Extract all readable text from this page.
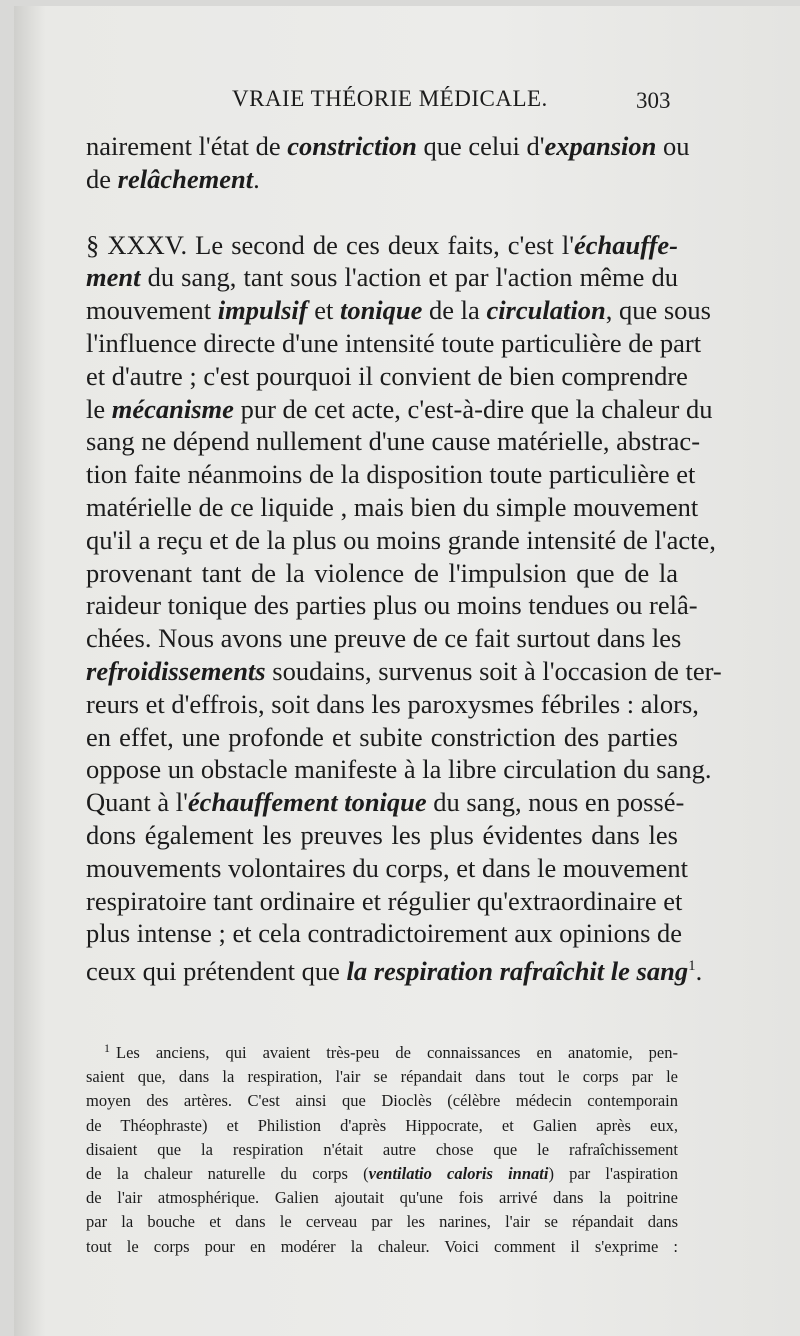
VRAIE THÉORIE MÉDICALE.	303

nairement l'état de constriction que celui d'expansion ou
de relâchement.

§ XXXV. Le second de ces deux faits, c'est l'échauffe-
ment du sang, tant sous l'action et par l'action même du
mouvement impulsif et tonique de la circulation, que sous
l'influence directe d'une intensité toute particulière de part
et d'autre ; c'est pourquoi il convient de bien comprendre
le mécanisme pur de cet acte, c'est-à-dire que la chaleur du
sang ne dépend nullement d'une cause matérielle, abstrac-
tion faite néanmoins de la disposition toute particulière et
matérielle de ce liquide , mais bien du simple mouvement
qu'il a reçu et de la plus ou moins grande intensité de l'acte,
provenant tant de la violence de l'impulsion que de la
raideur tonique des parties plus ou moins tendues ou relâ-
chées. Nous avons une preuve de ce fait surtout dans les
refroidissements soudains, survenus soit à l'occasion de ter-
reurs et d'effrois, soit dans les paroxysmes fébriles : alors,
en effet, une profonde et subite constriction des parties
oppose un obstacle manifeste à la libre circulation du sang.
Quant à l'échauffement tonique du sang, nous en possé-
dons également les preuves les plus évidentes dans les
mouvements volontaires du corps, et dans le mouvement
respiratoire tant ordinaire et régulier qu'extraordinaire et
plus intense ; et cela contradictoirement aux opinions de
ceux qui prétendent que la respiration rafraîchit le sang$^1$.

$^1$ Les anciens, qui avaient très-peu de connaissances en anatomie, pen-
saient que, dans la respiration, l'air se répandait dans tout le corps par le
moyen des artères. C'est ainsi que Dioclès (célèbre médecin contemporain
de Théophraste) et Philistion d'après Hippocrate, et Galien après eux,
disaient que la respiration n'était autre chose que le rafraîchissement
de la chaleur naturelle du corps (ventilatio caloris innati) par l'aspiration
de l'air atmosphérique. Galien ajoutait qu'une fois arrivé dans la poitrine
par la bouche et dans le cerveau par les narines, l'air se répandait dans
tout le corps pour en modérer la chaleur. Voici comment il s'exprime :
